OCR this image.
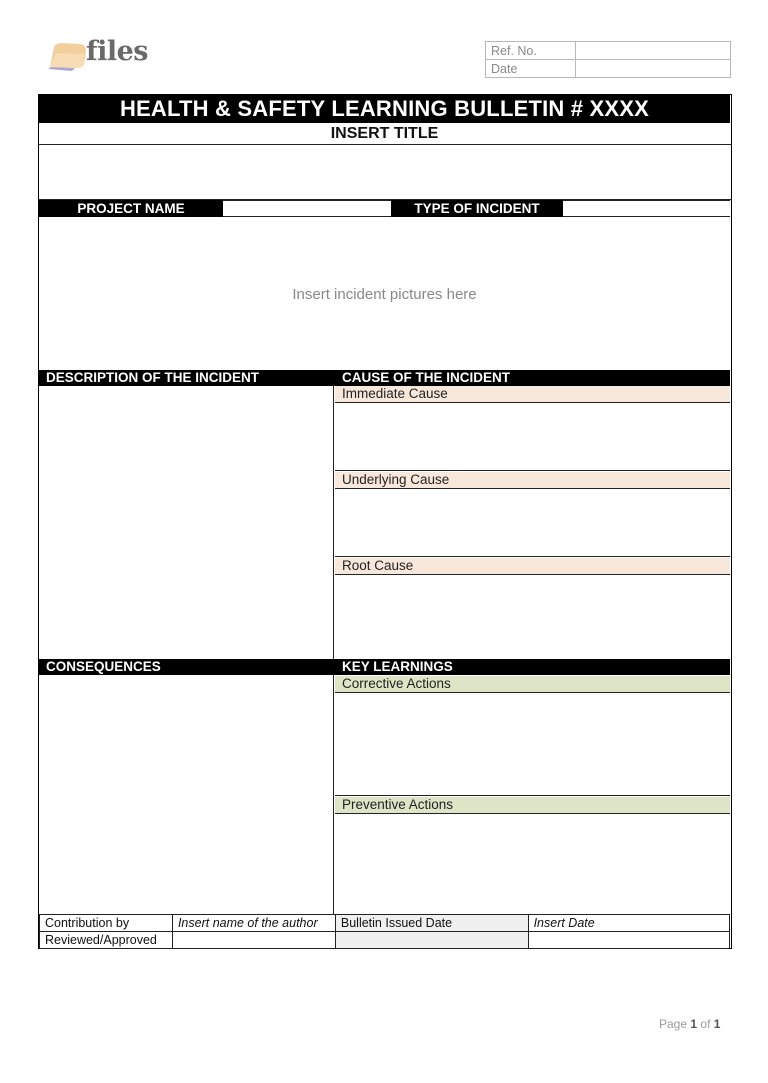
files	Ref. No.	
Date	
HEALTH & SAFETY LEARNING BULLETIN # XXXX
INSERT TITLE
PROJECT NAME	TYPE OF INCIDENT
Insert incident pictures here
DESCRIPTION OF THE INCIDENT	CAUSE OF THE INCIDENT
Immediate Cause
Underlying Cause
Root Cause
CONSEQUENCES	KEY LEARNINGS
Corrective Actions
Preventive Actions
Contribution by	Insert name of the author	Bulletin Issued Date	Insert Date
Reviewed/Approved			
Page 1 of 1
